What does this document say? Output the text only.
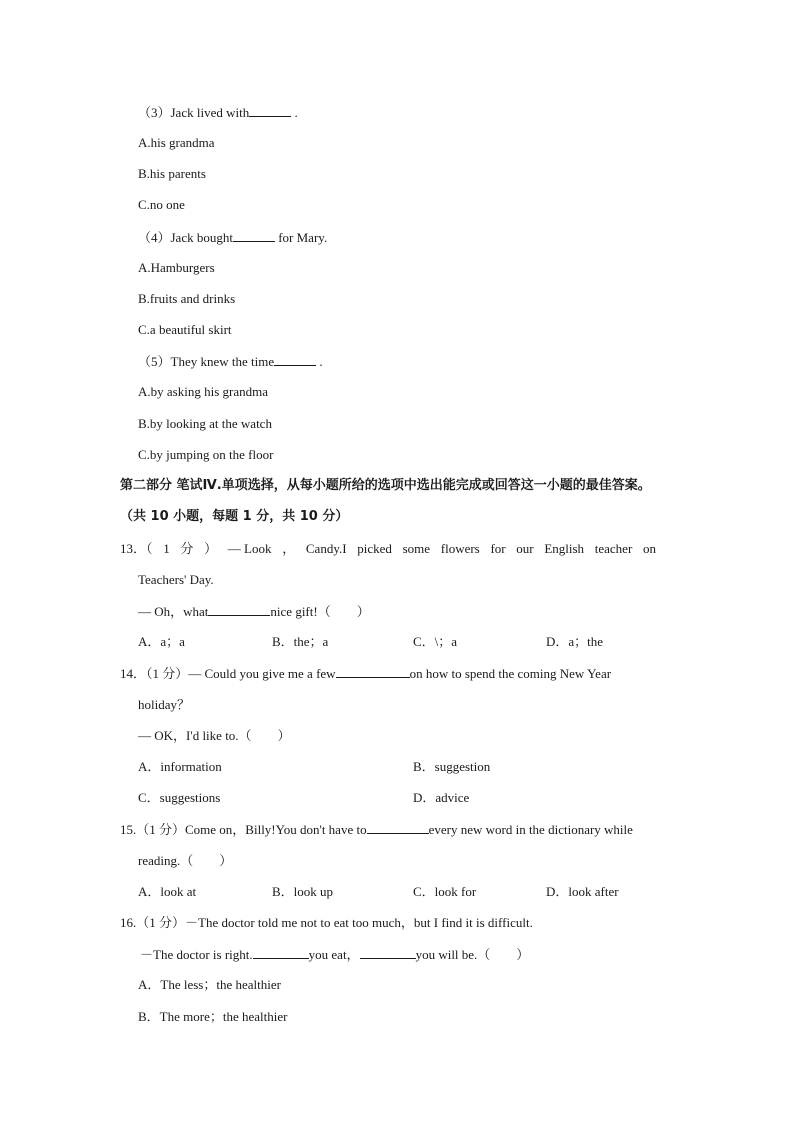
（3）Jack lived with	.
A.his grandma
B.his parents
C.no one
（4）Jack bought	for Mary.
A.Hamburgers
B.fruits and drinks
C.a beautiful skirt
（5）They knew the time	.
A.by asking his grandma
B.by looking at the watch
C.by jumping on the floor
第二部分 笔试Ⅳ.单项选择，从每小题所给的选项中选出能完成或回答这一小题的最佳答案。
（共 10 小题，每题 1 分，共 10 分）
13．（ 1 分 ） — Look ， Candy.I picked some flowers for our English teacher on
Teachers' Day.
— Oh，what	nice gift!（　　）
A．a；a	B．the；a	C．\；a	D．a；the
14．（1 分）— Could you give me a few	on how to spend the coming New Year
holiday？
— OK，I'd like to.（　　）
A．information	B．suggestion
C．suggestions	D．advice
15.（1 分）Come on，Billy!You don't have to	every new word in the dictionary while
reading.（　　）
A．look at	B．look up	C．look for	D．look after
16.（1 分）－The doctor told me not to eat too much，but I find it is difficult.
－The doctor is right.	you eat，	you will be.（　　）
A．The less；the healthier
B．The more；the healthier
